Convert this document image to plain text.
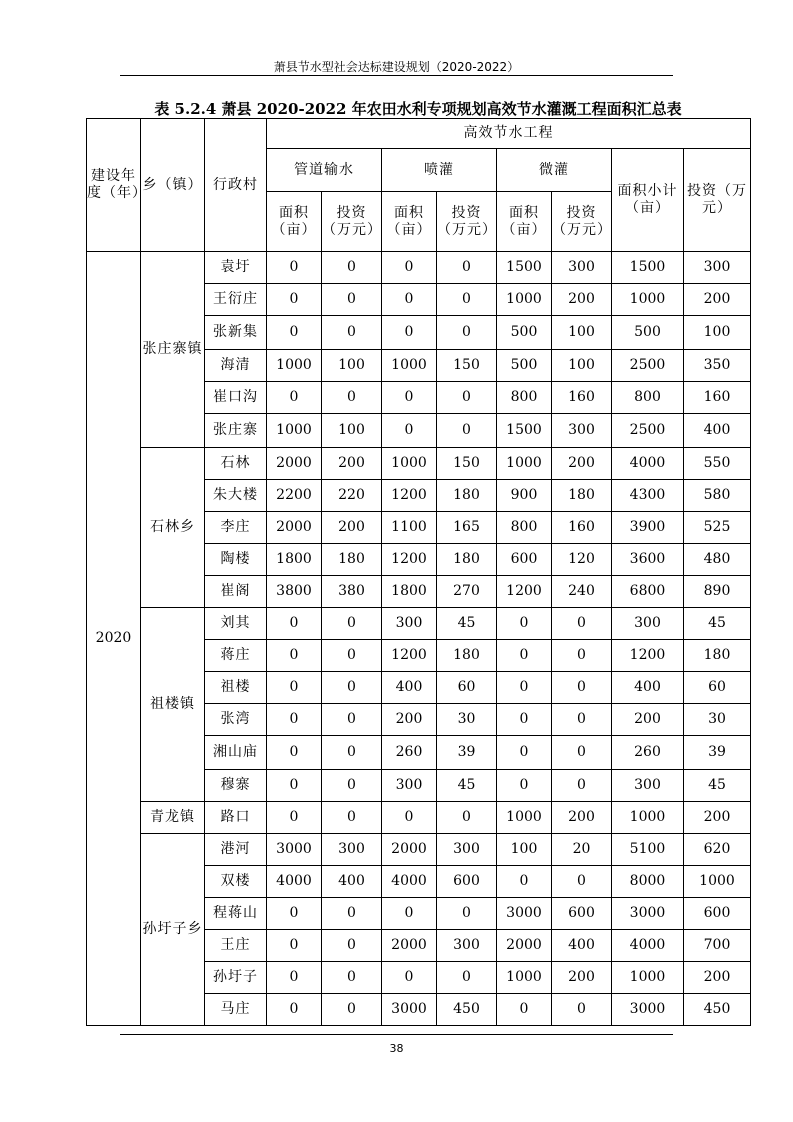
萧县节水型社会达标建设规划（2020-2022）
表 5.2.4 萧县 2020-2022 年农田水利专项规划高效节水灌溉工程面积汇总表
建设年度（年）	乡（镇）	行政村	高效节水工程							
			管道输水		喷灌		微灌		面积小计（亩）	投资（万元）
			面积（亩）	投资（万元）	面积（亩）	投资（万元）	面积（亩）	投资（万元）		
2020	张庄寨镇	袁圩	0	0	0	0	1500	300	1500	300
		王衍庄	0	0	0	0	1000	200	1000	200
		张新集	0	0	0	0	500	100	500	100
		海清	1000	100	1000	150	500	100	2500	350
		崔口沟	0	0	0	0	800	160	800	160
		张庄寨	1000	100	0	0	1500	300	2500	400
	石林乡	石林	2000	200	1000	150	1000	200	4000	550
		朱大楼	2200	220	1200	180	900	180	4300	580
		李庄	2000	200	1100	165	800	160	3900	525
		陶楼	1800	180	1200	180	600	120	3600	480
		崔阁	3800	380	1800	270	1200	240	6800	890
	祖楼镇	刘其	0	0	300	45	0	0	300	45
		蒋庄	0	0	1200	180	0	0	1200	180
		祖楼	0	0	400	60	0	0	400	60
		张湾	0	0	200	30	0	0	200	30
		湘山庙	0	0	260	39	0	0	260	39
		穆寨	0	0	300	45	0	0	300	45
	青龙镇	路口	0	0	0	0	1000	200	1000	200
	孙圩子乡	港河	3000	300	2000	300	100	20	5100	620
		双楼	4000	400	4000	600	0	0	8000	1000
		程蒋山	0	0	0	0	3000	600	3000	600
		王庄	0	0	2000	300	2000	400	4000	700
		孙圩子	0	0	0	0	1000	200	1000	200
		马庄	0	0	3000	450	0	0	3000	450
38
